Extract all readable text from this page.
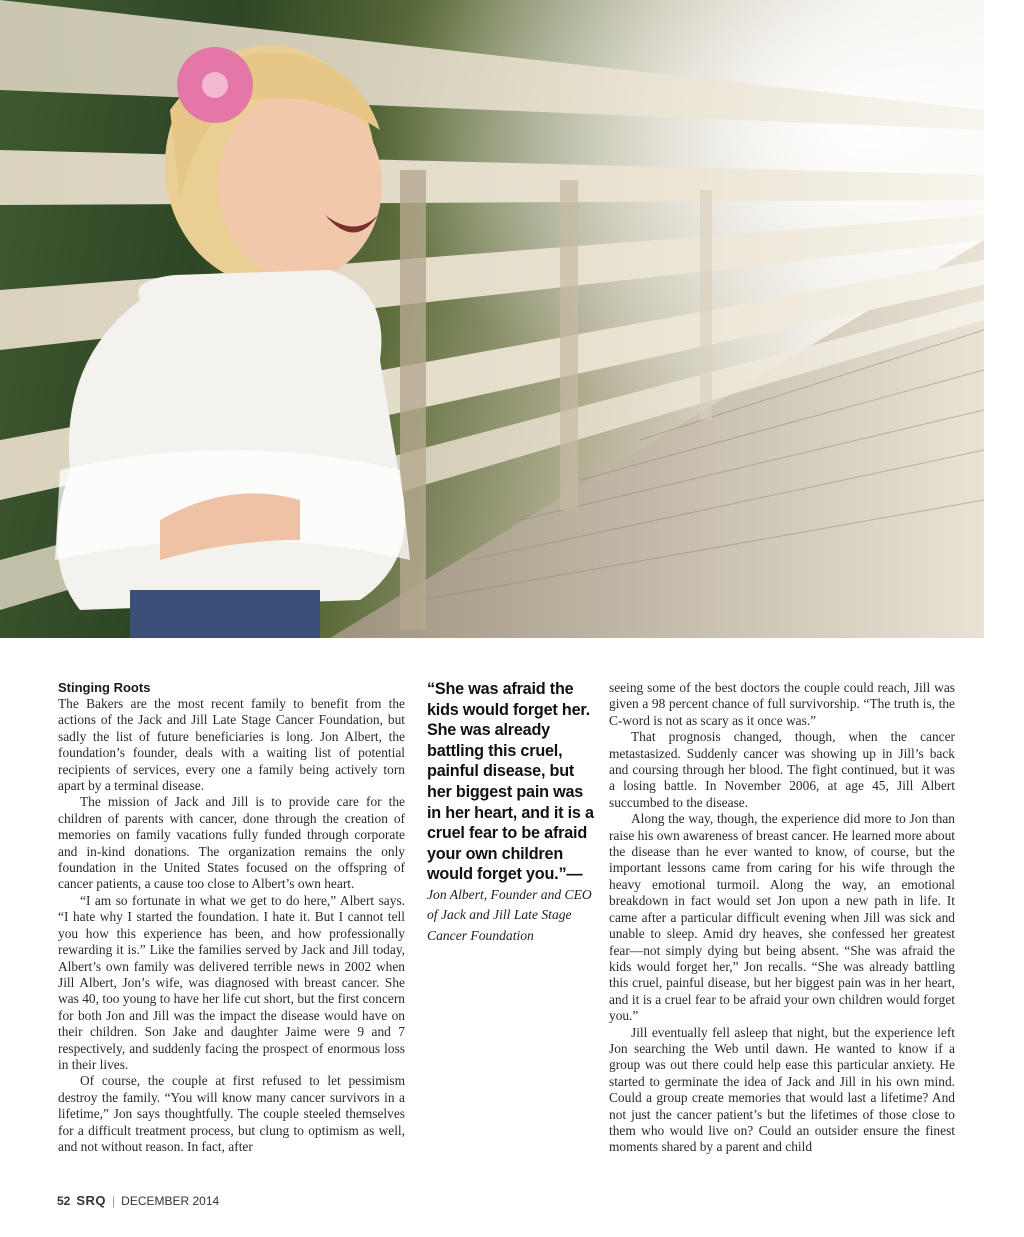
Stinging Roots

The Bakers are the most recent family to benefit from the actions of the Jack and Jill Late Stage Cancer Foundation, but sadly the list of future beneficiaries is long. Jon Albert, the foundation’s founder, deals with a waiting list of potential recipients of services, every one a family being actively torn apart by a terminal disease.

The mission of Jack and Jill is to provide care for the children of parents with cancer, done through the creation of memories on family vacations fully funded through corporate and in-kind donations. The organization remains the only foundation in the United States focused on the offspring of cancer patients, a cause too close to Albert’s own heart.

“I am so fortunate in what we get to do here,” Albert says. “I hate why I started the foundation. I hate it. But I cannot tell you how this experience has been, and how professionally rewarding it is.” Like the families served by Jack and Jill today, Albert’s own family was delivered terrible news in 2002 when Jill Albert, Jon’s wife, was diagnosed with breast cancer. She was 40, too young to have her life cut short, but the first concern for both Jon and Jill was the impact the disease would have on their children. Son Jake and daughter Jaime were 9 and 7 respectively, and suddenly facing the prospect of enormous loss in their lives.

Of course, the couple at first refused to let pessimism destroy the family. “You will know many cancer survivors in a lifetime,” Jon says thoughtfully. The couple steeled themselves for a difficult treatment process, but clung to optimism as well, and not without reason. In fact, after

“She was afraid the kids would forget her. She was already battling this cruel, painful disease, but her biggest pain was in her heart, and it is a cruel fear to be afraid your own children would forget you.”—

Jon Albert, Founder and CEO of Jack and Jill Late Stage Cancer Foundation

seeing some of the best doctors the couple could reach, Jill was given a 98 percent chance of full survivorship. “The truth is, the C-word is not as scary as it once was.”

That prognosis changed, though, when the cancer metastasized. Suddenly cancer was showing up in Jill’s back and coursing through her blood. The fight continued, but it was a losing battle. In November 2006, at age 45, Jill Albert succumbed to the disease.

Along the way, though, the experience did more to Jon than raise his own awareness of breast cancer. He learned more about the disease than he ever wanted to know, of course, but the important lessons came from caring for his wife through the heavy emotional turmoil. Along the way, an emotional breakdown in fact would set Jon upon a new path in life. It came after a particular difficult evening when Jill was sick and unable to sleep. Amid dry heaves, she confessed her greatest fear—not simply dying but being absent. “She was afraid the kids would forget her,” Jon recalls. “She was already battling this cruel, painful disease, but her biggest pain was in her heart, and it is a cruel fear to be afraid your own children would forget you.”

Jill eventually fell asleep that night, but the experience left Jon searching the Web until dawn. He wanted to know if a group was out there could help ease this particular anxiety. He started to germinate the idea of Jack and Jill in his own mind. Could a group create memories that would last a lifetime? And not just the cancer patient’s but the lifetimes of those close to them who would live on? Could an outsider ensure the finest moments shared by a parent and child

52 SRQ | DECEMBER 2014
